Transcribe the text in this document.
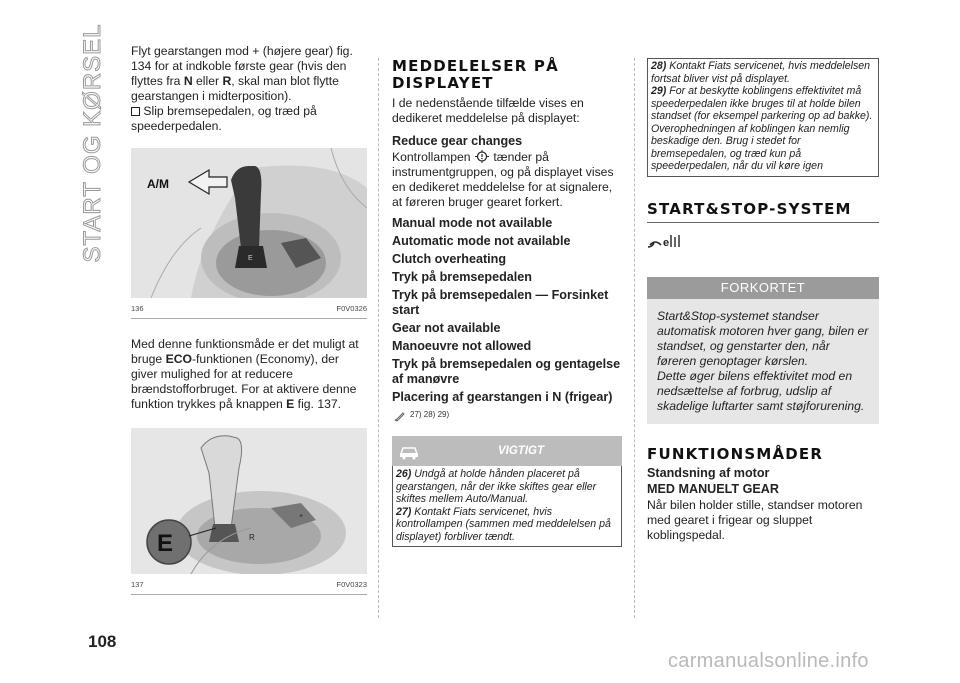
START OG KØRSEL
108

Flyt gearstangen mod + (højere gear) fig. 134 for at indkoble første gear (hvis den flyttes fra N eller R, skal man blot flytte gearstangen i midterposition).

Slip bremsepedalen, og træd på speederpedalen.

E
A/M
136	F0V0326

Med denne funktionsmåde er det muligt at bruge ECO-funktionen (Economy), der giver mulighed for at reducere brændstofforbruget. For at aktivere denne funktion trykkes på knappen E fig. 137.

+
R
E
137	F0V0323
MEDDELELSER PÅ DISPLAYET

I de nedenstående tilfælde vises en dedikeret meddelelse på displayet:

Reduce gear changes

Kontrollampen  tænder på instrumentgruppen, og på displayet vises en dedikeret meddelelse for at signalere, at føreren bruger gearet forkert.

Manual mode not available
Automatic mode not available
Clutch overheating
Tryk på bremsepedalen
Tryk på bremsepedalen — Forsinket start
Gear not available
Manoeuvre not allowed
Tryk på bremsepedalen og gentagelse af manøvre
Placering af gearstangen i N (frigear)
27) 28) 29)
VIGTIGT

26) Undgå at holde hånden placeret på gearstangen, når der ikke skiftes gear eller skiftes mellem Auto/Manual.

27) Kontakt Fiats servicenet, hvis kontrollampen (sammen med meddelelsen på displayet) forbliver tændt.

28) Kontakt Fiats servicenet, hvis meddelelsen fortsat bliver vist på displayet.

29) For at beskytte koblingens effektivitet må speederpedalen ikke bruges til at holde bilen standset (for eksempel parkering op ad bakke). Overophedningen af koblingen kan nemlig beskadige den. Brug i stedet for bremsepedalen, og træd kun på speederpedalen, når du vil køre igen

START&STOP-SYSTEM
e
FORKORTET

Start&Stop-systemet standser automatisk motoren hver gang, bilen er standset, og genstarter den, når føreren genoptager kørslen.

Dette øger bilens effektivitet mod en nedsættelse af forbrug, udslip af skadelige luftarter samt støjforurening.

FUNKTIONSMÅDER
Standsning af motor
MED MANUELT GEAR

Når bilen holder stille, standser motoren med gearet i frigear og sluppet koblingspedal.

carmanualsonline.info
